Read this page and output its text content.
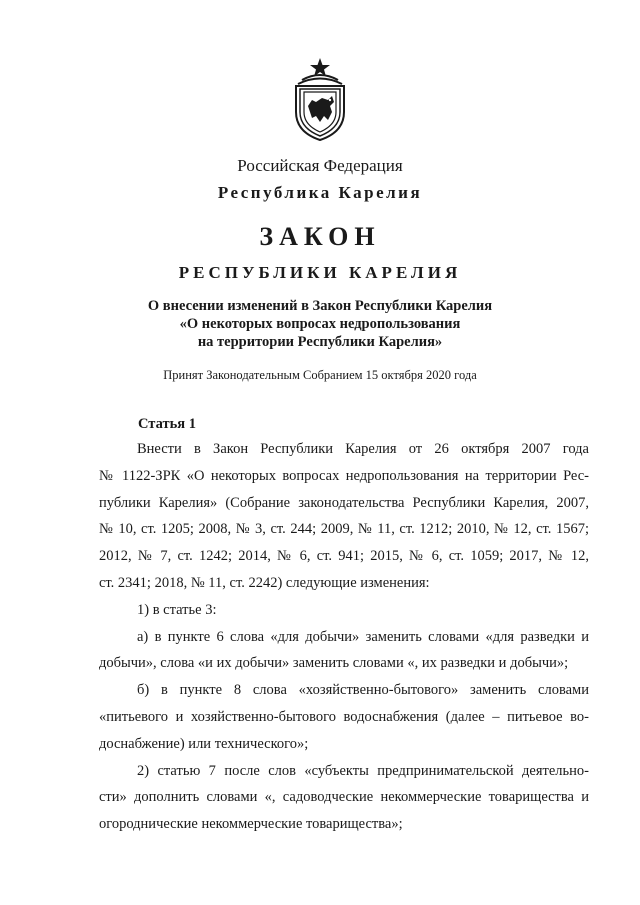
Российская Федерация
Республика Карелия
ЗАКОН
РЕСПУБЛИКИ КАРЕЛИЯ
О внесении изменений в Закон Республики Карелия
«О некоторых вопросах недропользования
на территории Республики Карелия»
Принят Законодательным Собранием 15 октября 2020 года
Статья 1
Внести в Закон Республики Карелия от 26 октября 2007 года
№ 1122-ЗРК «О некоторых вопросах недропользования на территории Рес-
публики Карелия» (Собрание законодательства Республики Карелия, 2007,
№ 10, ст. 1205; 2008, № 3, ст. 244; 2009, № 11, ст. 1212; 2010, № 12, ст. 1567;
2012, № 7, ст. 1242; 2014, № 6, ст. 941; 2015, № 6, ст. 1059; 2017, № 12,
ст. 2341; 2018, № 11, ст. 2242) следующие изменения:
1) в статье 3:
а) в пункте 6 слова «для добычи» заменить словами «для разведки и
добычи», слова «и их добычи» заменить словами «, их разведки и добычи»;
б) в пункте 8 слова «хозяйственно-бытового» заменить словами
«питьевого и хозяйственно-бытового водоснабжения (далее – питьевое во-
доснабжение) или технического»;
2) статью 7 после слов «субъекты предпринимательской деятельно-
сти» дополнить словами «, садоводческие некоммерческие товарищества и
огороднические некоммерческие товарищества»;
